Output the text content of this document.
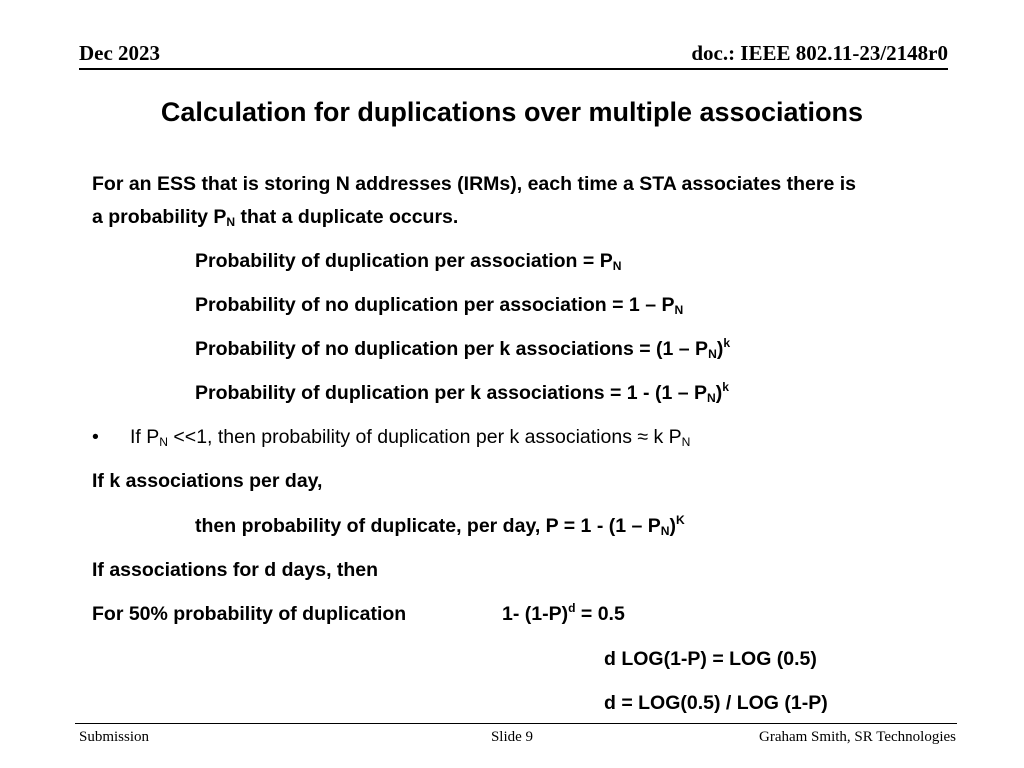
Dec 2023	doc.: IEEE 802.11-23/2148r0
Calculation for duplications over multiple associations
For an ESS that is storing N addresses (IRMs), each time a STA associates there is
a probability $P_N$ that a duplicate occurs.
Probability of duplication per association = $P_N$
Probability of no duplication per association = $1 - P_N$
Probability of no duplication per k associations = $(1 - P_N)^k$
Probability of duplication per k associations = $1 - (1 - P_N)^k$
• If $P_N <<1$, then probability of duplication per k associations ≈ k $P_N$
If k associations per day,
then probability of duplicate, per day, $P = 1 - (1 - P_N)^K$
If associations for d days, then
For 50% probability of duplication	1- $(1-P)^d = 0.5$
d LOG(1-P) = LOG (0.5)
d = LOG(0.5) / LOG (1-P)
Submission	Slide 9	Graham Smith, SR Technologies
